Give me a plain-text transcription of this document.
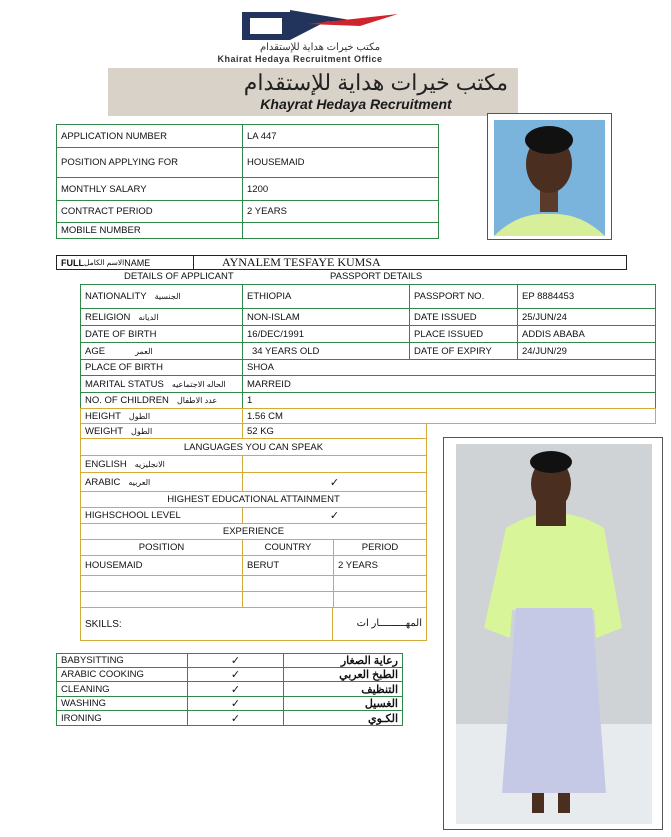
مكتب خيرات هداية للإستقدام
Khairat Hedaya Recruitment Office
مكتب خيرات هداية للإستقدام
Khayrat Hedaya Recruitment
APPLICATION NUMBER	LA 447
POSITION APPLYING FOR	HOUSEMAID
MONTHLY SALARY	1200
CONTRACT PERIOD	2 YEARS
MOBILE NUMBER
FULL الاسم الكامل NAME	AYNALEM TESFAYE KUMSA
DETAILS OF APPLICANT	PASSPORT DETAILS
NATIONALITY الجنسية	ETHIOPIA	PASSPORT NO.	EP 8884453
RELIGION الديانه	NON-ISLAM	DATE ISSUED	25/JUN/24
DATE OF BIRTH	16/DEC/1991	PLACE ISSUED	ADDIS ABABA
AGE	العمر	34 YEARS OLD	DATE OF EXPIRY	24/JUN/29
PLACE OF BIRTH	SHOA
MARITAL STATUS الحاله الاجتماعيه	MARREID
NO. OF CHILDREN عدد الاطفال	1
HEIGHT الطول	1.56 CM
WEIGHT الطول	52 KG
LANGUAGES YOU CAN SPEAK
ENGLISH الانجليزيه
ARABIC العربيه	✓
HIGHEST EDUCATIONAL ATTAINMENT
HIGHSCHOOL LEVEL	✓
EXPERIENCE
POSITION	COUNTRY	PERIOD
HOUSEMAID	BERUT	2 YEARS
SKILLS:	المهـــــــــار ات
BABYSITTING	✓	رعاية الصغار
ARABIC COOKING	✓	الطبخ العربي
CLEANING	✓	التنظيف
WASHING	✓	الغسيل
IRONING	✓	الكـوي
